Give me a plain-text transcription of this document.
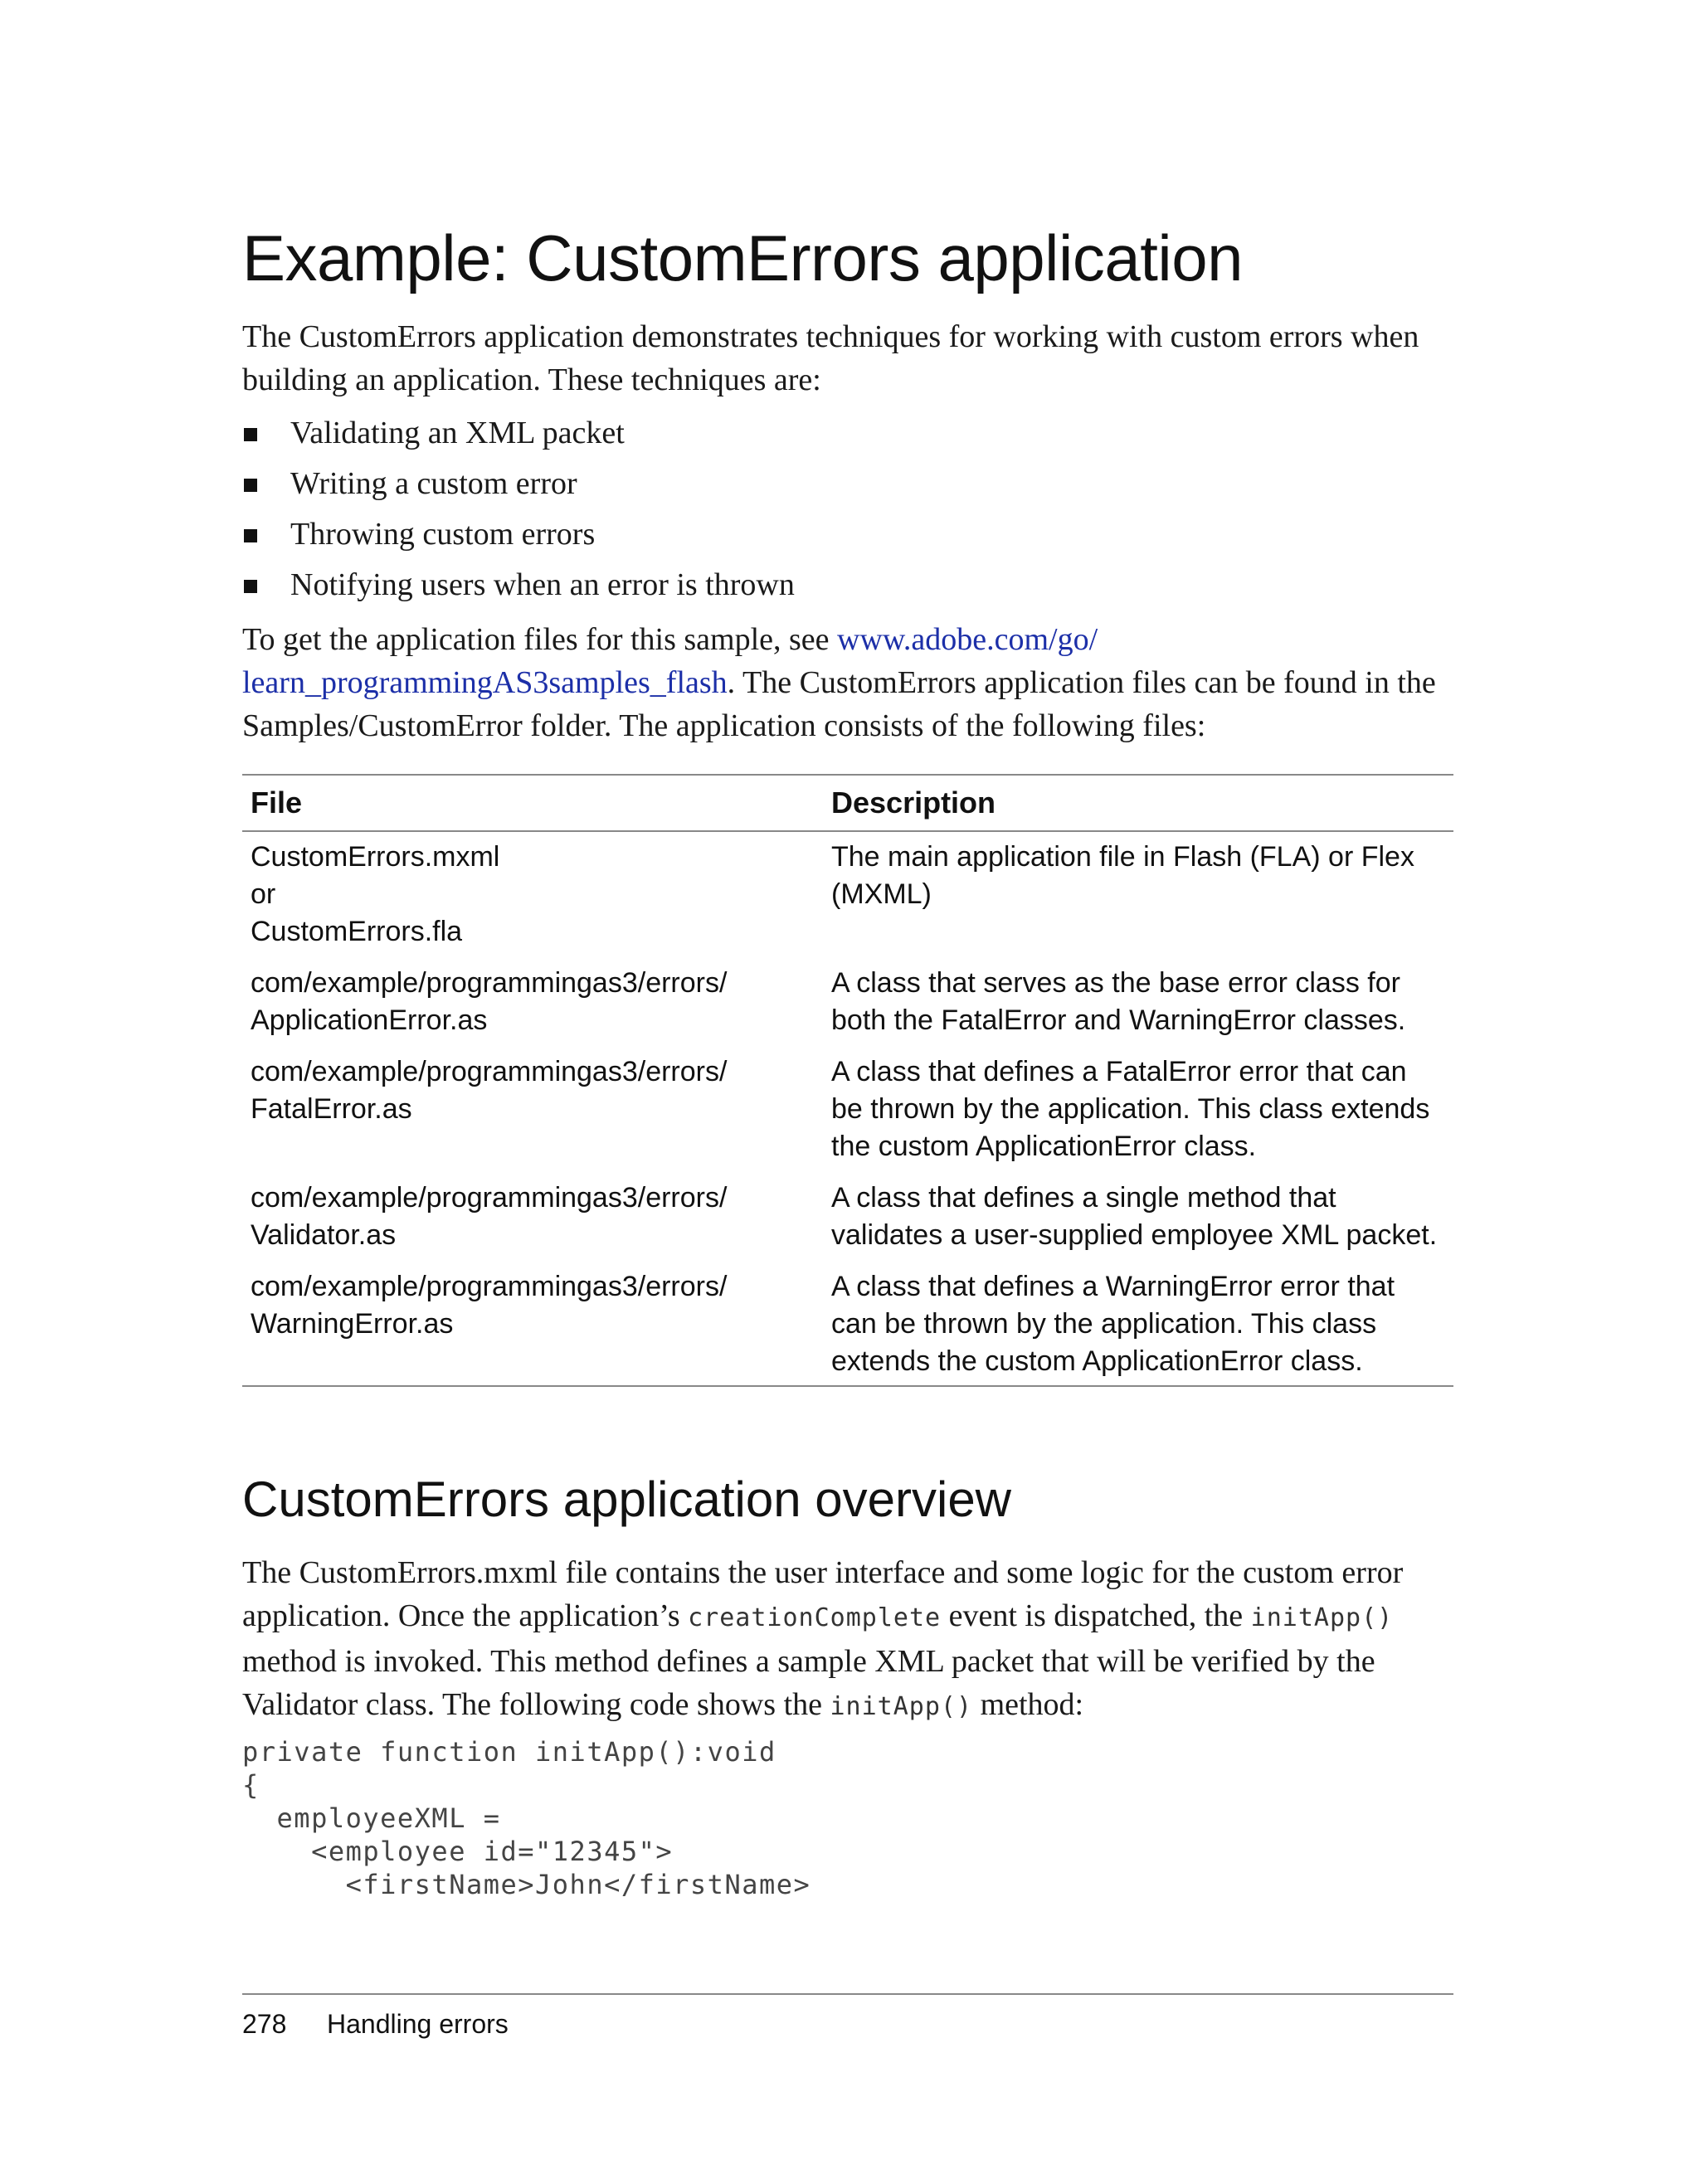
Example: CustomErrors application

The CustomErrors application demonstrates techniques for working with custom errors when building an application. These techniques are:

Validating an XML packet
Writing a custom error
Throwing custom errors
Notifying users when an error is thrown

To get the application files for this sample, see www.adobe.com/go/ learn_programmingAS3samples_flash. The CustomErrors application files can be found in the Samples/CustomError folder. The application consists of the following files:

File	Description

CustomErrors.mxml
or
CustomErrors.fla	The main application file in Flash (FLA) or Flex (MXML)

com/example/programmingas3/errors/
ApplicationError.as	A class that serves as the base error class for both the FatalError and WarningError classes.

com/example/programmingas3/errors/
FatalError.as	A class that defines a FatalError error that can be thrown by the application. This class extends the custom ApplicationError class.

com/example/programmingas3/errors/
Validator.as	A class that defines a single method that validates a user-supplied employee XML packet.

com/example/programmingas3/errors/
WarningError.as	A class that defines a WarningError error that can be thrown by the application. This class extends the custom ApplicationError class.
CustomErrors application overview

The CustomErrors.mxml file contains the user interface and some logic for the custom error application. Once the application’s creationComplete event is dispatched, the initApp() method is invoked. This method defines a sample XML packet that will be verified by the Validator class. The following code shows the initApp() method:

private function initApp():void
{
employeeXML =
<employee id="12345">
<firstName>John</firstName>
278 Handling errors
